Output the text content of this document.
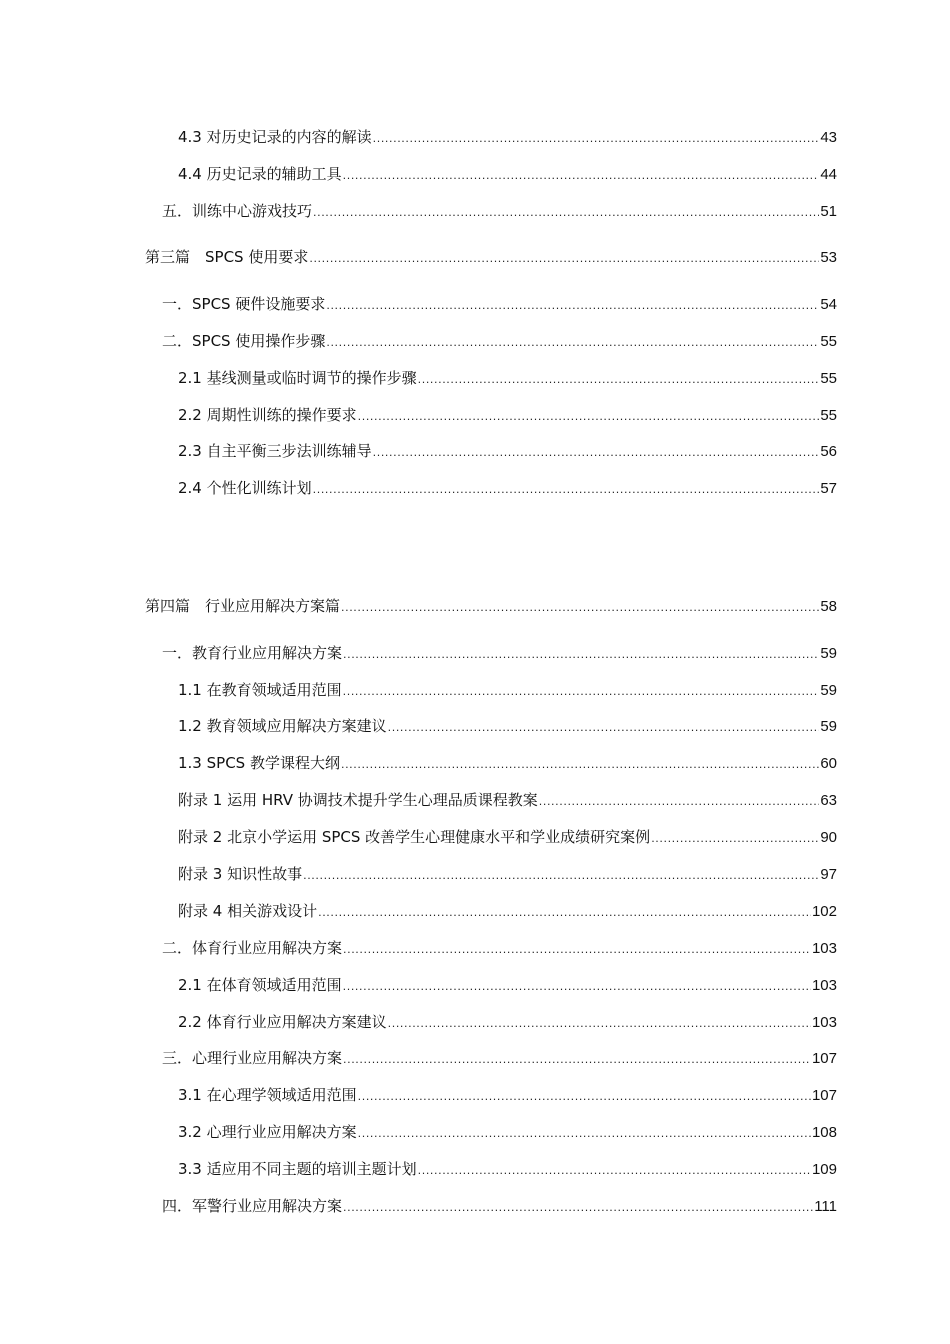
4.3 对历史记录的内容的解读 .....	43
4.4 历史记录的辅助工具 .....	44
五．训练中心游戏技巧 .....	51
第三篇　SPCS 使用要求 .....	53
一．SPCS 硬件设施要求 .....	54
二．SPCS 使用操作步骤 .....	55
2.1 基线测量或临时调节的操作步骤 .....	55
2.2 周期性训练的操作要求 .....	55
2.3 自主平衡三步法训练辅导 .....	56
2.4 个性化训练计划 .....	57
第四篇　行业应用解决方案篇 .....	58
一．教育行业应用解决方案 .....	59
1.1 在教育领域适用范围 .....	59
1.2 教育领域应用解决方案建议 .....	59
1.3 SPCS 教学课程大纲 .....	60
附录 1 运用 HRV 协调技术提升学生心理品质课程教案 .....	63
附录 2 北京小学运用 SPCS 改善学生心理健康水平和学业成绩研究案例 .....	90
附录 3 知识性故事 .....	97
附录 4 相关游戏设计 .....	102
二．体育行业应用解决方案 .....	103
2.1 在体育领域适用范围 .....	103
2.2 体育行业应用解决方案建议 .....	103
三．心理行业应用解决方案 .....	107
3.1 在心理学领域适用范围 .....	107
3.2 心理行业应用解决方案 .....	108
3.3 适应用不同主题的培训主题计划 .....	109
四．军警行业应用解决方案 .....	111
